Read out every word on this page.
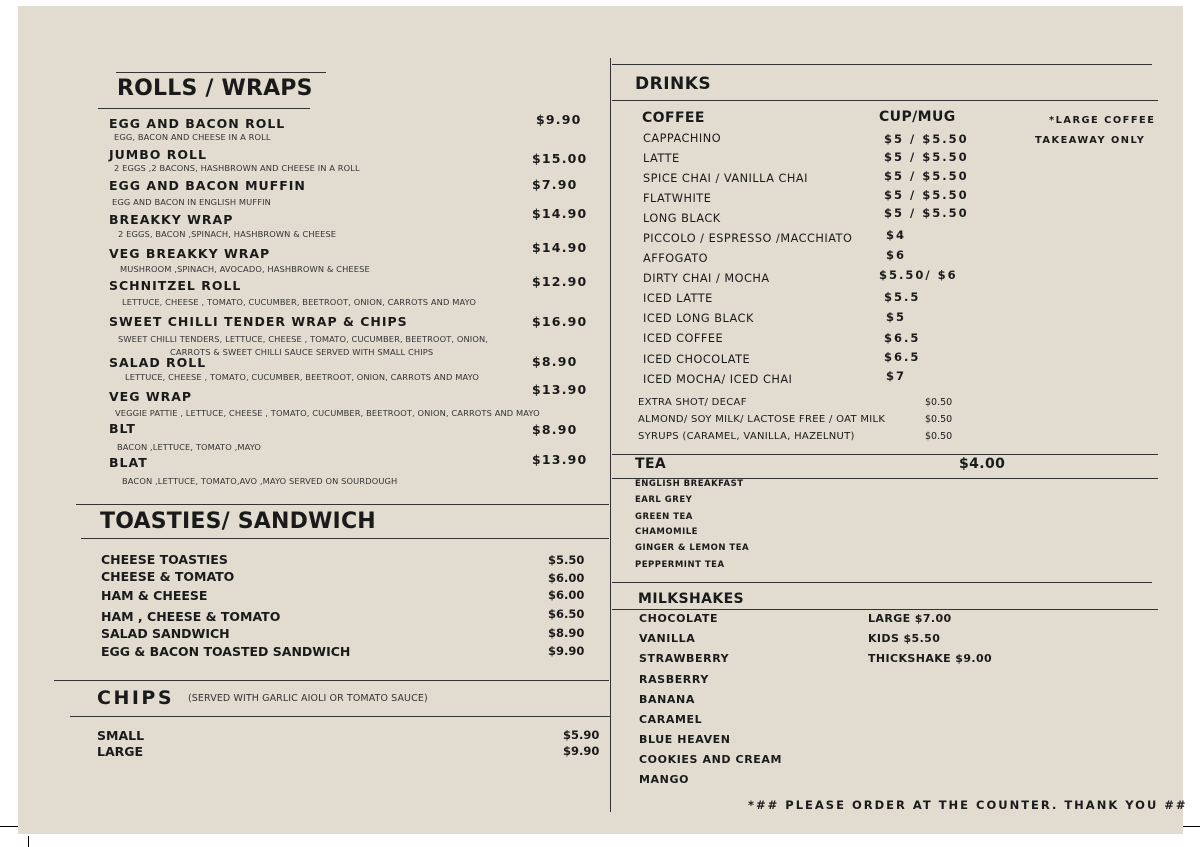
ROLLS / WRAPS
EGG AND BACON ROLL
EGG, BACON AND CHEESE IN A ROLL
$9.90
JUMBO ROLL
2 EGGS ,2 BACONS, HASHBROWN AND CHEESE IN A ROLL
$15.00
EGG AND BACON MUFFIN
EGG AND BACON IN ENGLISH MUFFIN
$7.90
BREAKKY WRAP
2 EGGS, BACON ,SPINACH, HASHBROWN & CHEESE
$14.90
VEG BREAKKY WRAP
MUSHROOM ,SPINACH, AVOCADO, HASHBROWN & CHEESE
$14.90
SCHNITZEL ROLL
LETTUCE, CHEESE , TOMATO, CUCUMBER, BEETROOT, ONION, CARROTS AND MAYO
$12.90
SWEET CHILLI TENDER WRAP & CHIPS
SWEET CHILLI TENDERS, LETTUCE, CHEESE , TOMATO, CUCUMBER, BEETROOT, ONION,
CARROTS & SWEET CHILLI SAUCE SERVED WITH SMALL CHIPS
$16.90
SALAD ROLL
LETTUCE, CHEESE , TOMATO, CUCUMBER, BEETROOT, ONION, CARROTS AND MAYO
$8.90
VEG WRAP
VEGGIE PATTIE , LETTUCE, CHEESE , TOMATO, CUCUMBER, BEETROOT, ONION, CARROTS AND MAYO
$13.90
BLT
BACON ,LETTUCE, TOMATO ,MAYO
$8.90
BLAT
BACON ,LETTUCE, TOMATO,AVO ,MAYO SERVED ON SOURDOUGH
$13.90
TOASTIES/ SANDWICH
CHEESE TOASTIES	$5.50
CHEESE & TOMATO	$6.00
HAM & CHEESE	$6.00
HAM , CHEESE & TOMATO	$6.50
SALAD SANDWICH	$8.90
EGG & BACON TOASTED SANDWICH	$9.90
CHIPS (SERVED WITH GARLIC AIOLI OR TOMATO SAUCE)
SMALL	$5.90
LARGE	$9.90
DRINKS
COFFEE	CUP/MUG	*LARGE COFFEE
TAKEAWAY ONLY
CAPPACHINO	$5 / $5.50
LATTE	$5 / $5.50
SPICE CHAI / VANILLA CHAI	$5 / $5.50
FLATWHITE	$5 / $5.50
LONG BLACK	$5 / $5.50
PICCOLO / ESPRESSO /MACCHIATO	$4
AFFOGATO	$6
DIRTY CHAI / MOCHA	$5.50/ $6
ICED LATTE	$5.5
ICED LONG BLACK	$5
ICED COFFEE	$6.5
ICED CHOCOLATE	$6.5
ICED MOCHA/ ICED CHAI	$7
EXTRA SHOT/ DECAF	$0.50
ALMOND/ SOY MILK/ LACTOSE FREE / OAT MILK	$0.50
SYRUPS (CARAMEL, VANILLA, HAZELNUT)	$0.50
TEA	$4.00
ENGLISH BREAKFAST
EARL GREY
GREEN TEA
CHAMOMILE
GINGER & LEMON TEA
PEPPERMINT TEA
MILKSHAKES
CHOCOLATE
VANILLA
STRAWBERRY
RASBERRY
BANANA
CARAMEL
BLUE HEAVEN
COOKIES AND CREAM
MANGO
LARGE $7.00
KIDS $5.50
THICKSHAKE $9.00
*## PLEASE ORDER AT THE COUNTER. THANK YOU ##
